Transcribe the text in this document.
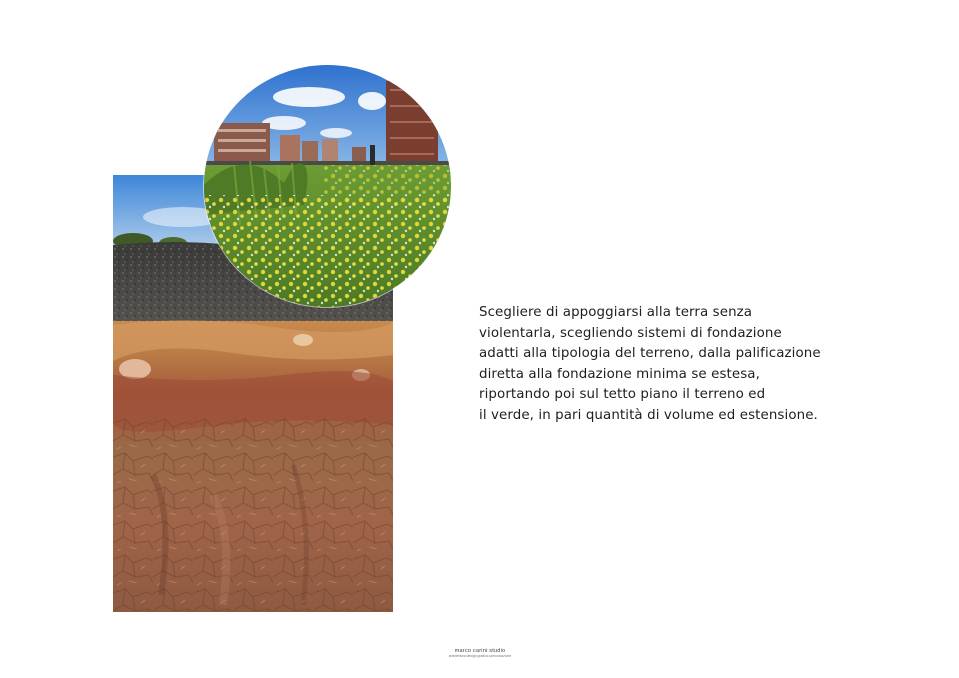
Scegliere di appoggiarsi alla terra senza
violentarla, scegliendo sistemi di fondazione
adatti alla tipologia del terreno, dalla palificazione
diretta alla fondazione minima se estesa,
riportando poi sul tetto piano il terreno ed
il verde, in pari quantità di volume ed estensione.

marco carini studio
architettura design grafica comunicazione
